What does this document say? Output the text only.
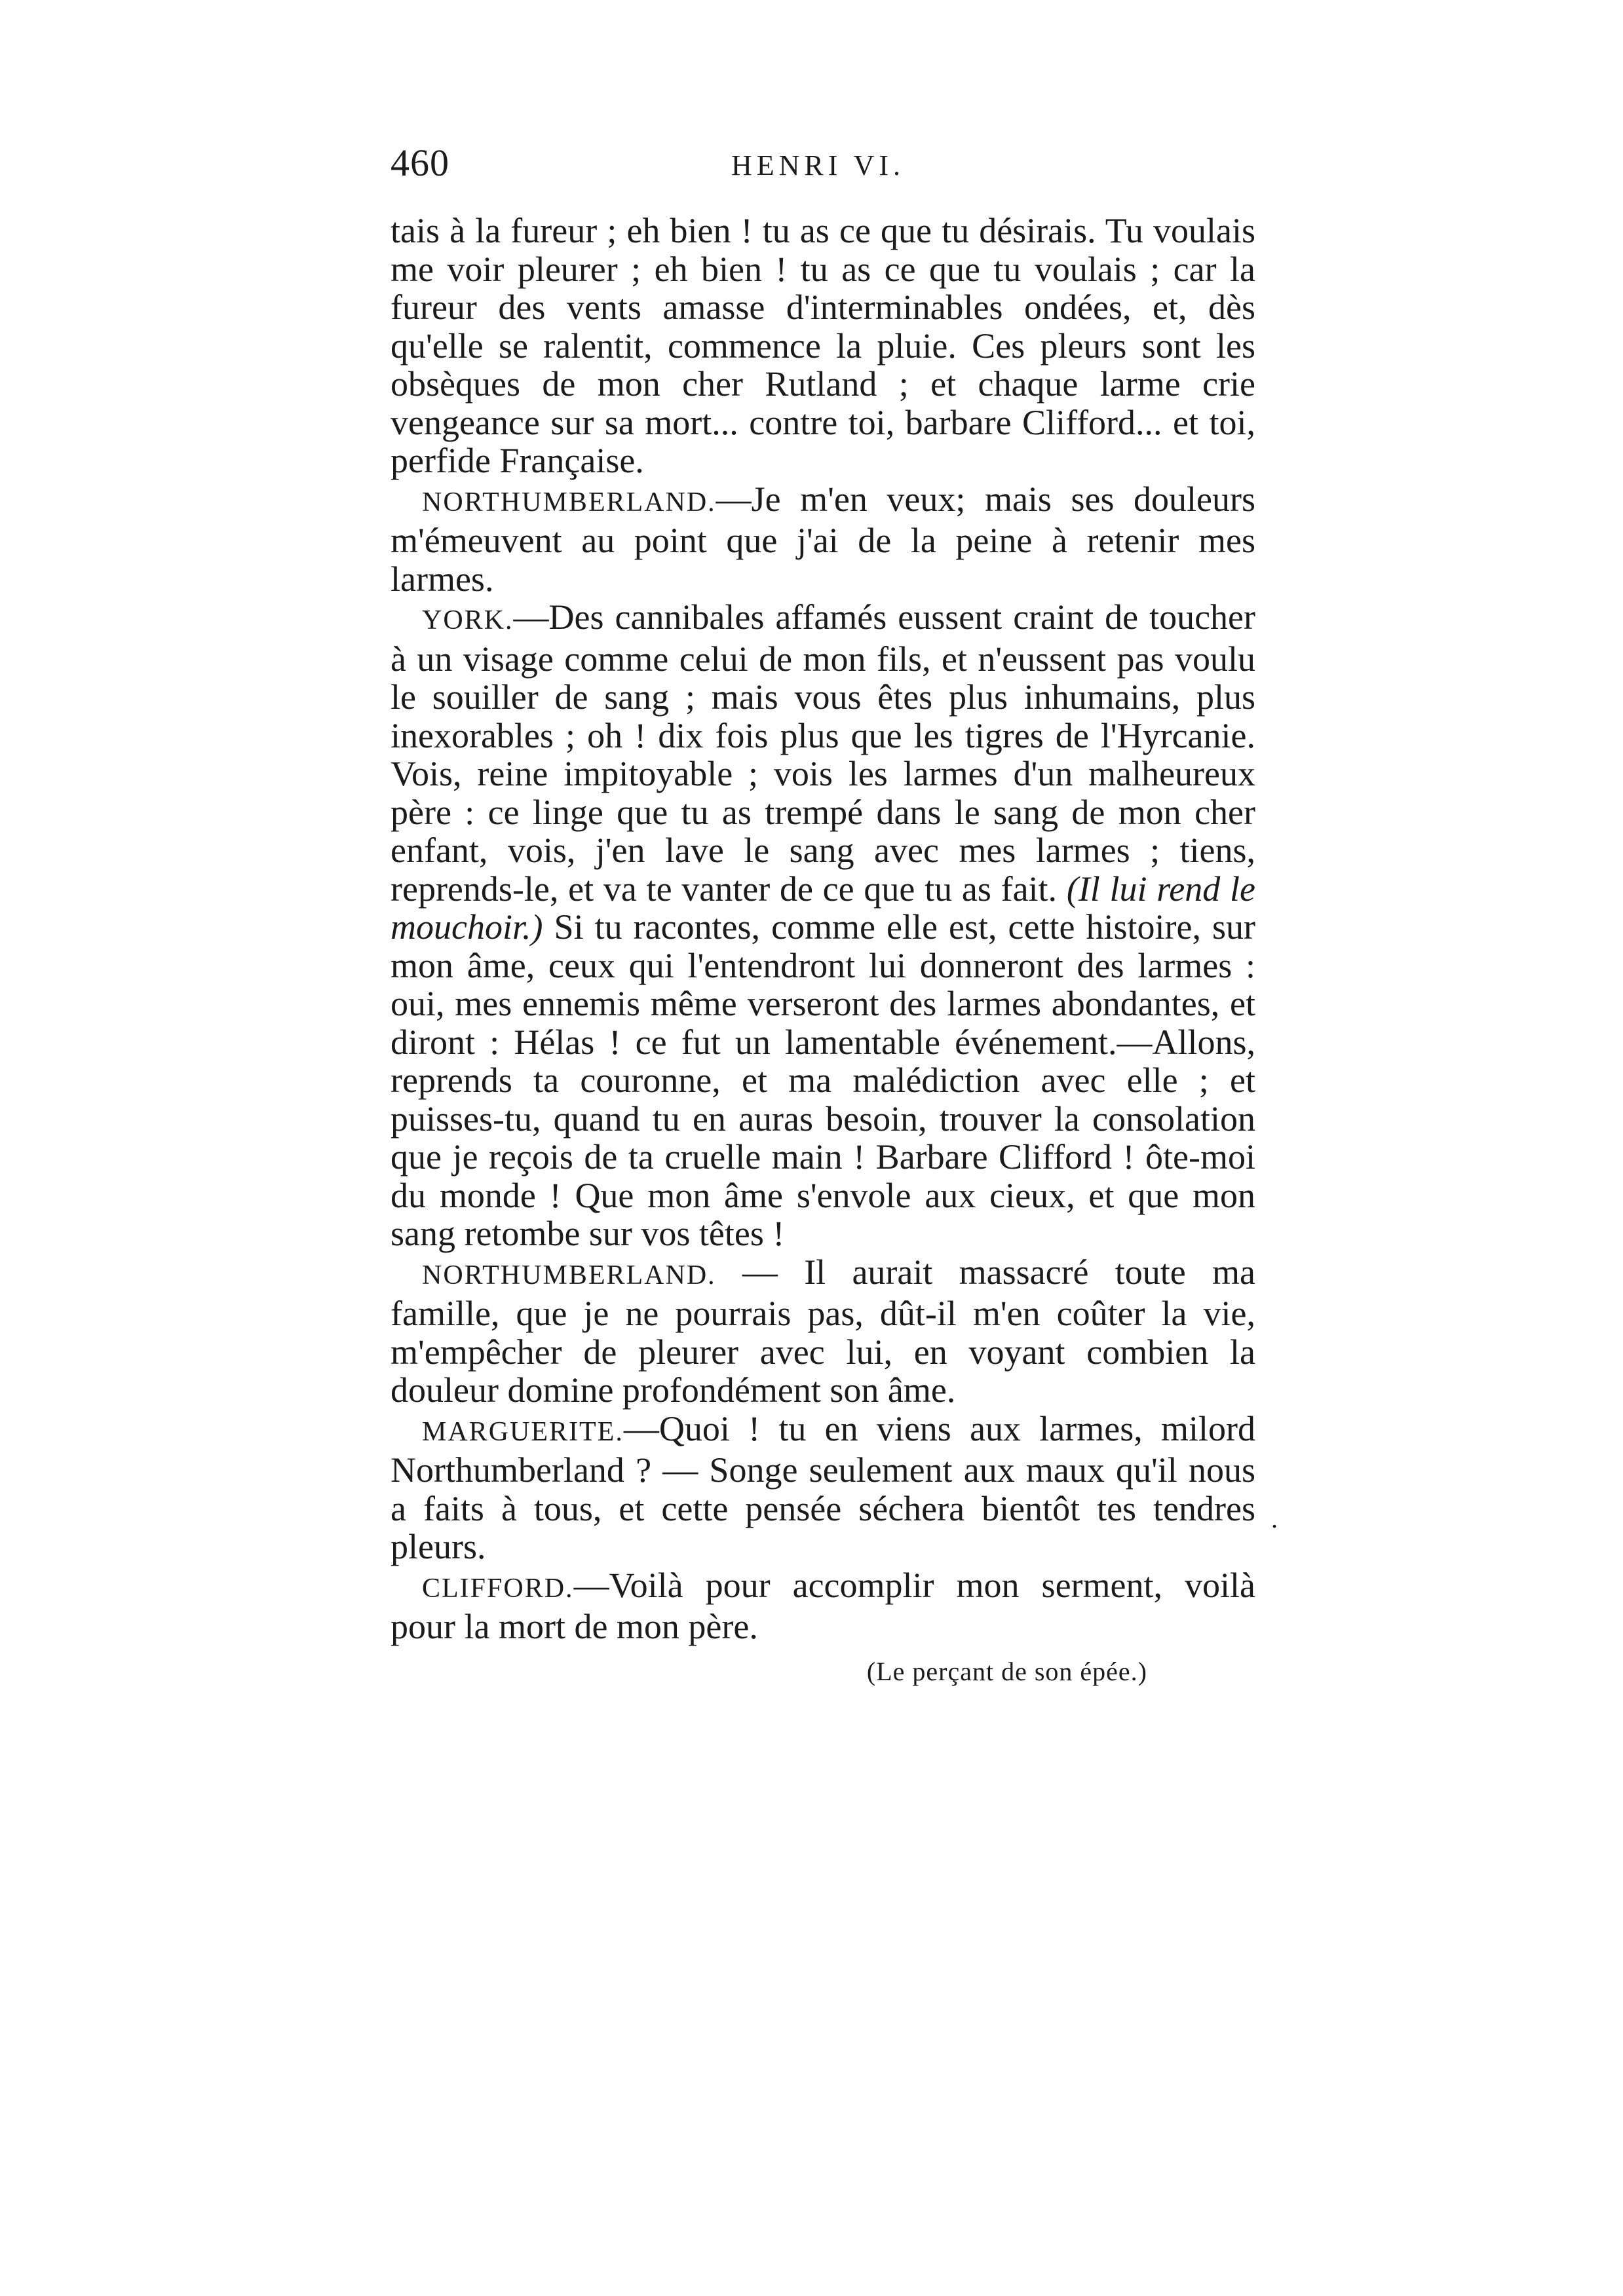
460	HENRI VI.

tais à la fureur ; eh bien ! tu as ce que tu désirais. Tu voulais me voir pleurer ; eh bien ! tu as ce que tu voulais ; car la fureur des vents amasse d'interminables ondées, et, dès qu'elle se ralentit, commence la pluie. Ces pleurs sont les obsèques de mon cher Rutland ; et chaque larme crie vengeance sur sa mort... contre toi, barbare Clifford... et toi, perfide Française.

NORTHUMBERLAND.—Je m'en veux; mais ses douleurs m'émeuvent au point que j'ai de la peine à retenir mes larmes.

YORK.—Des cannibales affamés eussent craint de toucher à un visage comme celui de mon fils, et n'eussent pas voulu le souiller de sang ; mais vous êtes plus inhumains, plus inexorables ; oh ! dix fois plus que les tigres de l'Hyrcanie. Vois, reine impitoyable ; vois les larmes d'un malheureux père : ce linge que tu as trempé dans le sang de mon cher enfant, vois, j'en lave le sang avec mes larmes ; tiens, reprends-le, et va te vanter de ce que tu as fait. (Il lui rend le mouchoir.) Si tu racontes, comme elle est, cette histoire, sur mon âme, ceux qui l'entendront lui donneront des larmes : oui, mes ennemis même verseront des larmes abondantes, et diront : Hélas ! ce fut un lamentable événement.—Allons, reprends ta couronne, et ma malédiction avec elle ; et puisses-tu, quand tu en auras besoin, trouver la consolation que je reçois de ta cruelle main ! Barbare Clifford ! ôte-moi du monde ! Que mon âme s'envole aux cieux, et que mon sang retombe sur vos têtes !

NORTHUMBERLAND. — Il aurait massacré toute ma famille, que je ne pourrais pas, dût-il m'en coûter la vie, m'empêcher de pleurer avec lui, en voyant combien la douleur domine profondément son âme.

MARGUERITE.—Quoi ! tu en viens aux larmes, milord Northumberland ? — Songe seulement aux maux qu'il nous a faits à tous, et cette pensée séchera bientôt tes tendres pleurs.

CLIFFORD.—Voilà pour accomplir mon serment, voilà pour la mort de mon père.

(Le perçant de son épée.)
.
